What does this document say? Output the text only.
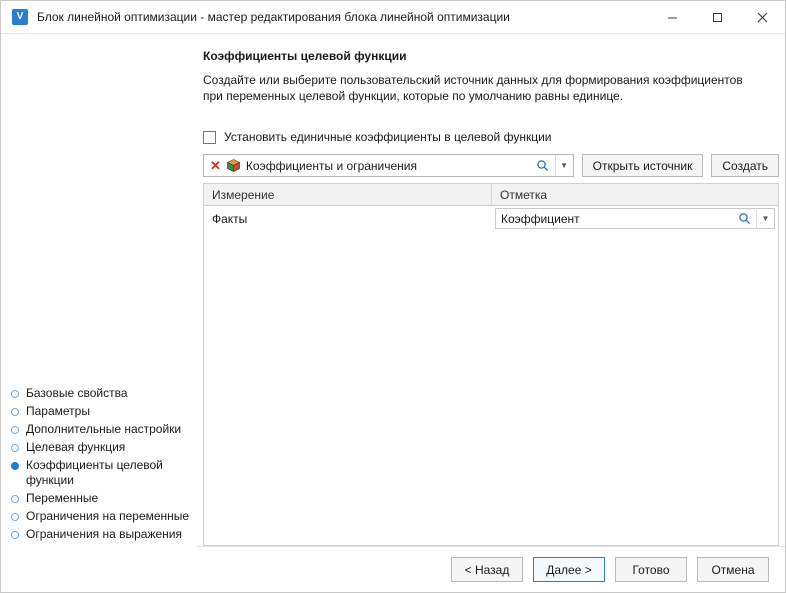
V	Блок линейной оптимизации - мастер редактирования блока линейной оптимизации
Базовые свойства
Параметры
Дополнительные настройки
Целевая функция
Коэффициенты целевой функции
Переменные
Ограничения на переменные
Ограничения на выражения
Коэффициенты целевой функции
Создайте или выберите пользовательский источник данных для формирования коэффициентов при переменных целевой функции, которые по умолчанию равны единице.
Установить единичные коэффициенты в целевой функции
✕ Коэффициенты и ограничения	▼	Открыть источник	Создать
Измерение	Отметка
Факты	Коэффициент	▼
< Назад	Далее >	Готово	Отмена
